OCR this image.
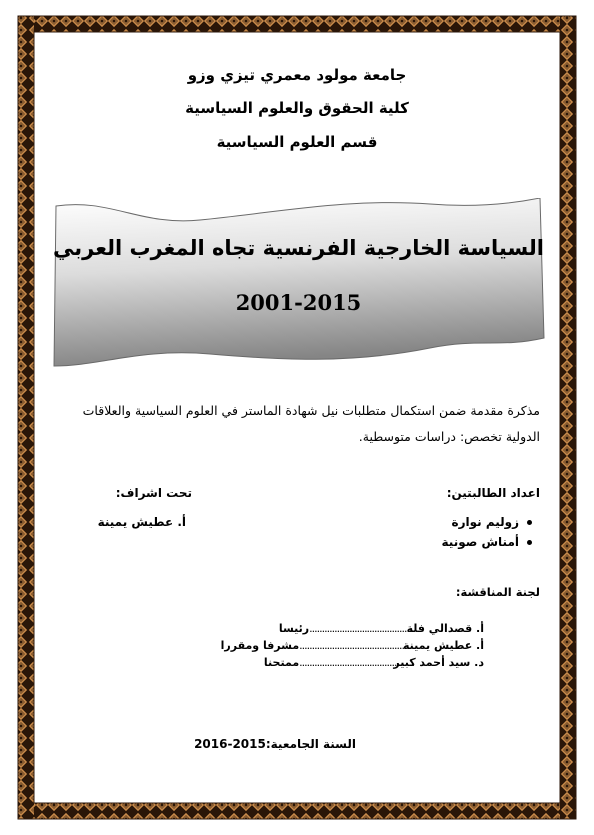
جامعة مولود معمري تيزي وزو
كلية الحقوق والعلوم السياسية
قسم العلوم السياسية
السياسة الخارجية الفرنسية تجاه المغرب العربي
2001-2015
مذكرة مقدمة ضمن استكمال متطلبات نيل شهادة الماستر في العلوم السياسية والعلاقات
الدولية تخصص: دراسات متوسطية.
اعداد الطالبتين:
تحت اشراف:
زوليم نوارة
أمناش صونية
أ. عطيش يمينة
لجنة المناقشة:
أ. قصدالي فلة..........................................رئيسا
أ. عطيش يمينة..............................................مشرفا ومقررا
د. سيد أحمد كبير..............................................ممتحنا
السنة الجامعية:2015-2016
